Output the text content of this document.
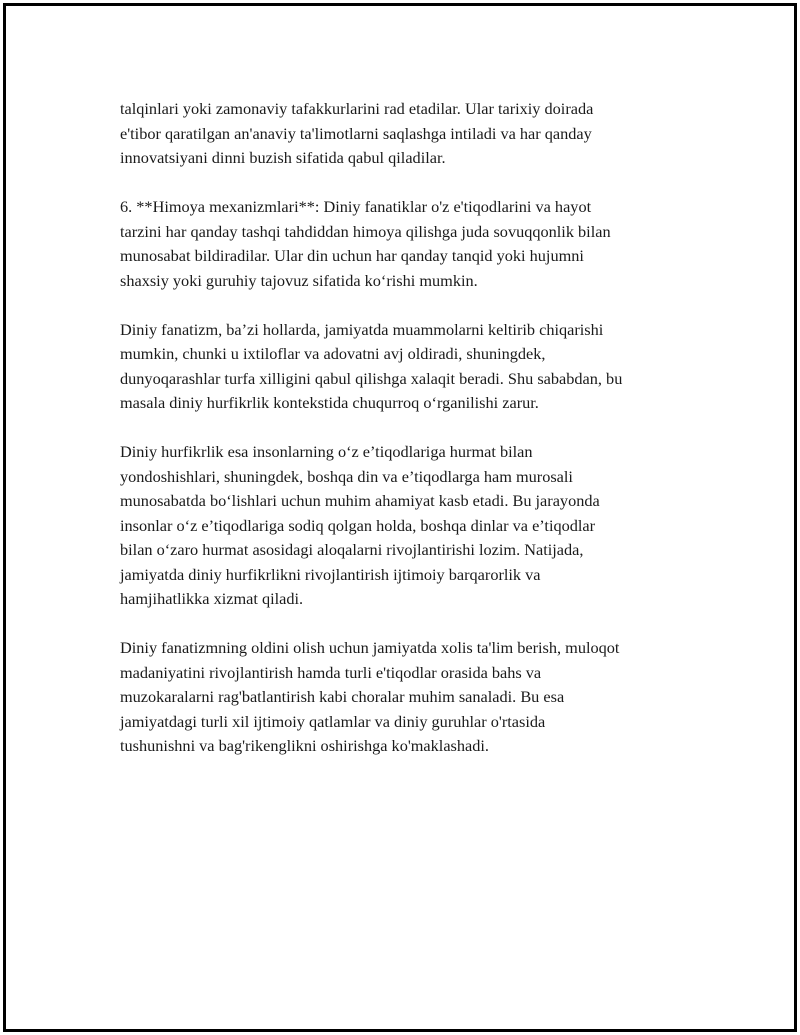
talqinlari yoki zamonaviy tafakkurlarini rad etadilar. Ular tarixiy doirada
e'tibor qaratilgan an'anaviy ta'limotlarni saqlashga intiladi va har qanday
innovatsiyani dinni buzish sifatida qabul qiladilar.

6. **Himoya mexanizmlari**: Diniy fanatiklar o'z e'tiqodlarini va hayot
tarzini har qanday tashqi tahdiddan himoya qilishga juda sovuqqonlik bilan
munosabat bildiradilar. Ular din uchun har qanday tanqid yoki hujumni
shaxsiy yoki guruhiy tajovuz sifatida ko‘rishi mumkin.

Diniy fanatizm, ba’zi hollarda, jamiyatda muammolarni keltirib chiqarishi
mumkin, chunki u ixtiloflar va adovatni avj oldiradi, shuningdek,
dunyoqarashlar turfa xilligini qabul qilishga xalaqit beradi. Shu sababdan, bu
masala diniy hurfikrlik kontekstida chuqurroq o‘rganilishi zarur.

Diniy hurfikrlik esa insonlarning o‘z e’tiqodlariga hurmat bilan
yondoshishlari, shuningdek, boshqa din va e’tiqodlarga ham murosali
munosabatda bo‘lishlari uchun muhim ahamiyat kasb etadi. Bu jarayonda
insonlar o‘z e’tiqodlariga sodiq qolgan holda, boshqa dinlar va e’tiqodlar
bilan o‘zaro hurmat asosidagi aloqalarni rivojlantirishi lozim. Natijada,
jamiyatda diniy hurfikrlikni rivojlantirish ijtimoiy barqarorlik va
hamjihatlikka xizmat qiladi.

Diniy fanatizmning oldini olish uchun jamiyatda xolis ta'lim berish, muloqot
madaniyatini rivojlantirish hamda turli e'tiqodlar orasida bahs va
muzokaralarni rag'batlantirish kabi choralar muhim sanaladi. Bu esa
jamiyatdagi turli xil ijtimoiy qatlamlar va diniy guruhlar o'rtasida
tushunishni va bag'rikenglikni oshirishga ko'maklashadi.
